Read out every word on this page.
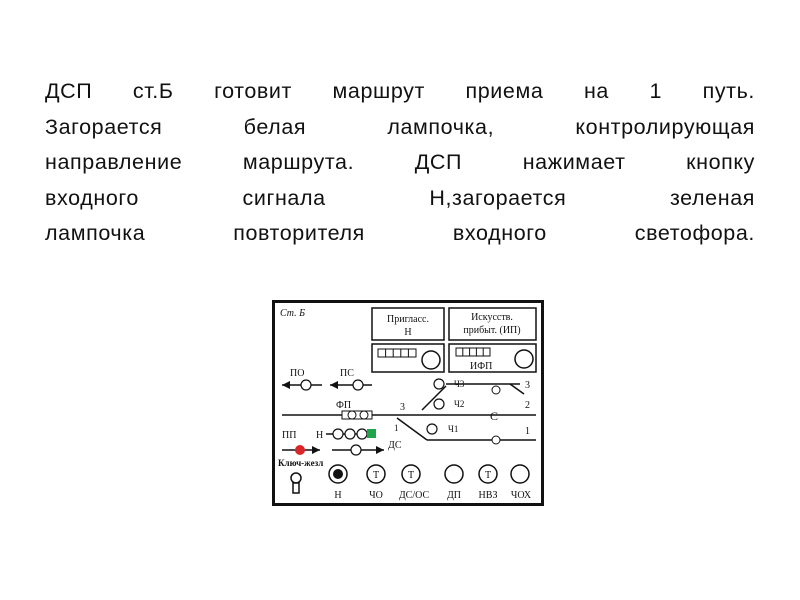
ДСП ст.Б готовит маршрут приема на 1 путь.
Загорается белая лампочка, контролирующая
направление маршрута. ДСП нажимает кнопку
входного сигнала Н,загорается зеленая
лампочка повторителя входного светофора.
Ст. Б
Пригласс.
Н
Искусств.
прибыт. (ИП)
ИФП
ПО	ПС
Ч3	3
ФП	3	Ч2
С
2
1	Ч1	1
ПП Н
ДС
Ключ-жезл
Т	Т	Т
Н	ЧО ДС/ОС ДП НВЗ ЧОХ
